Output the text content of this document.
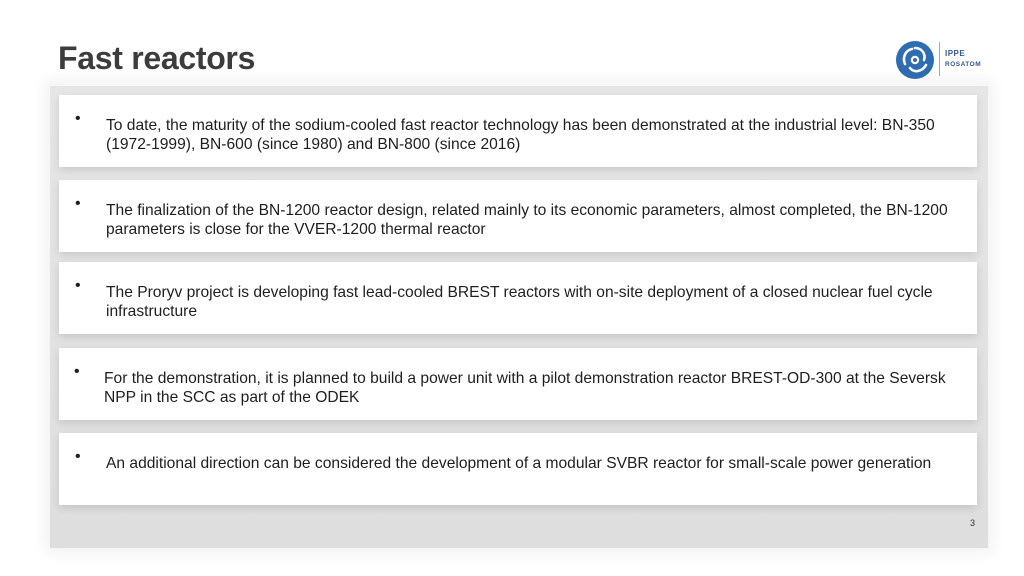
Fast reactors	IPPE
ROSATOM
• To date, the maturity of the sodium-cooled fast reactor technology has been demonstrated at the industrial level: BN-350 (1972-1999), BN-600 (since 1980) and BN-800 (since 2016)

• The finalization of the BN-1200 reactor design, related mainly to its economic parameters, almost completed, the BN-1200 parameters is close for the VVER-1200 thermal reactor

• The Proryv project is developing fast lead-cooled BREST reactors with on-site deployment of a closed nuclear fuel cycle infrastructure

• For the demonstration, it is planned to build a power unit with a pilot demonstration reactor BREST-OD-300 at the Seversk NPP in the SCC as part of the ODEK

• An additional direction can be considered the development of a modular SVBR reactor for small-scale power generation

3
